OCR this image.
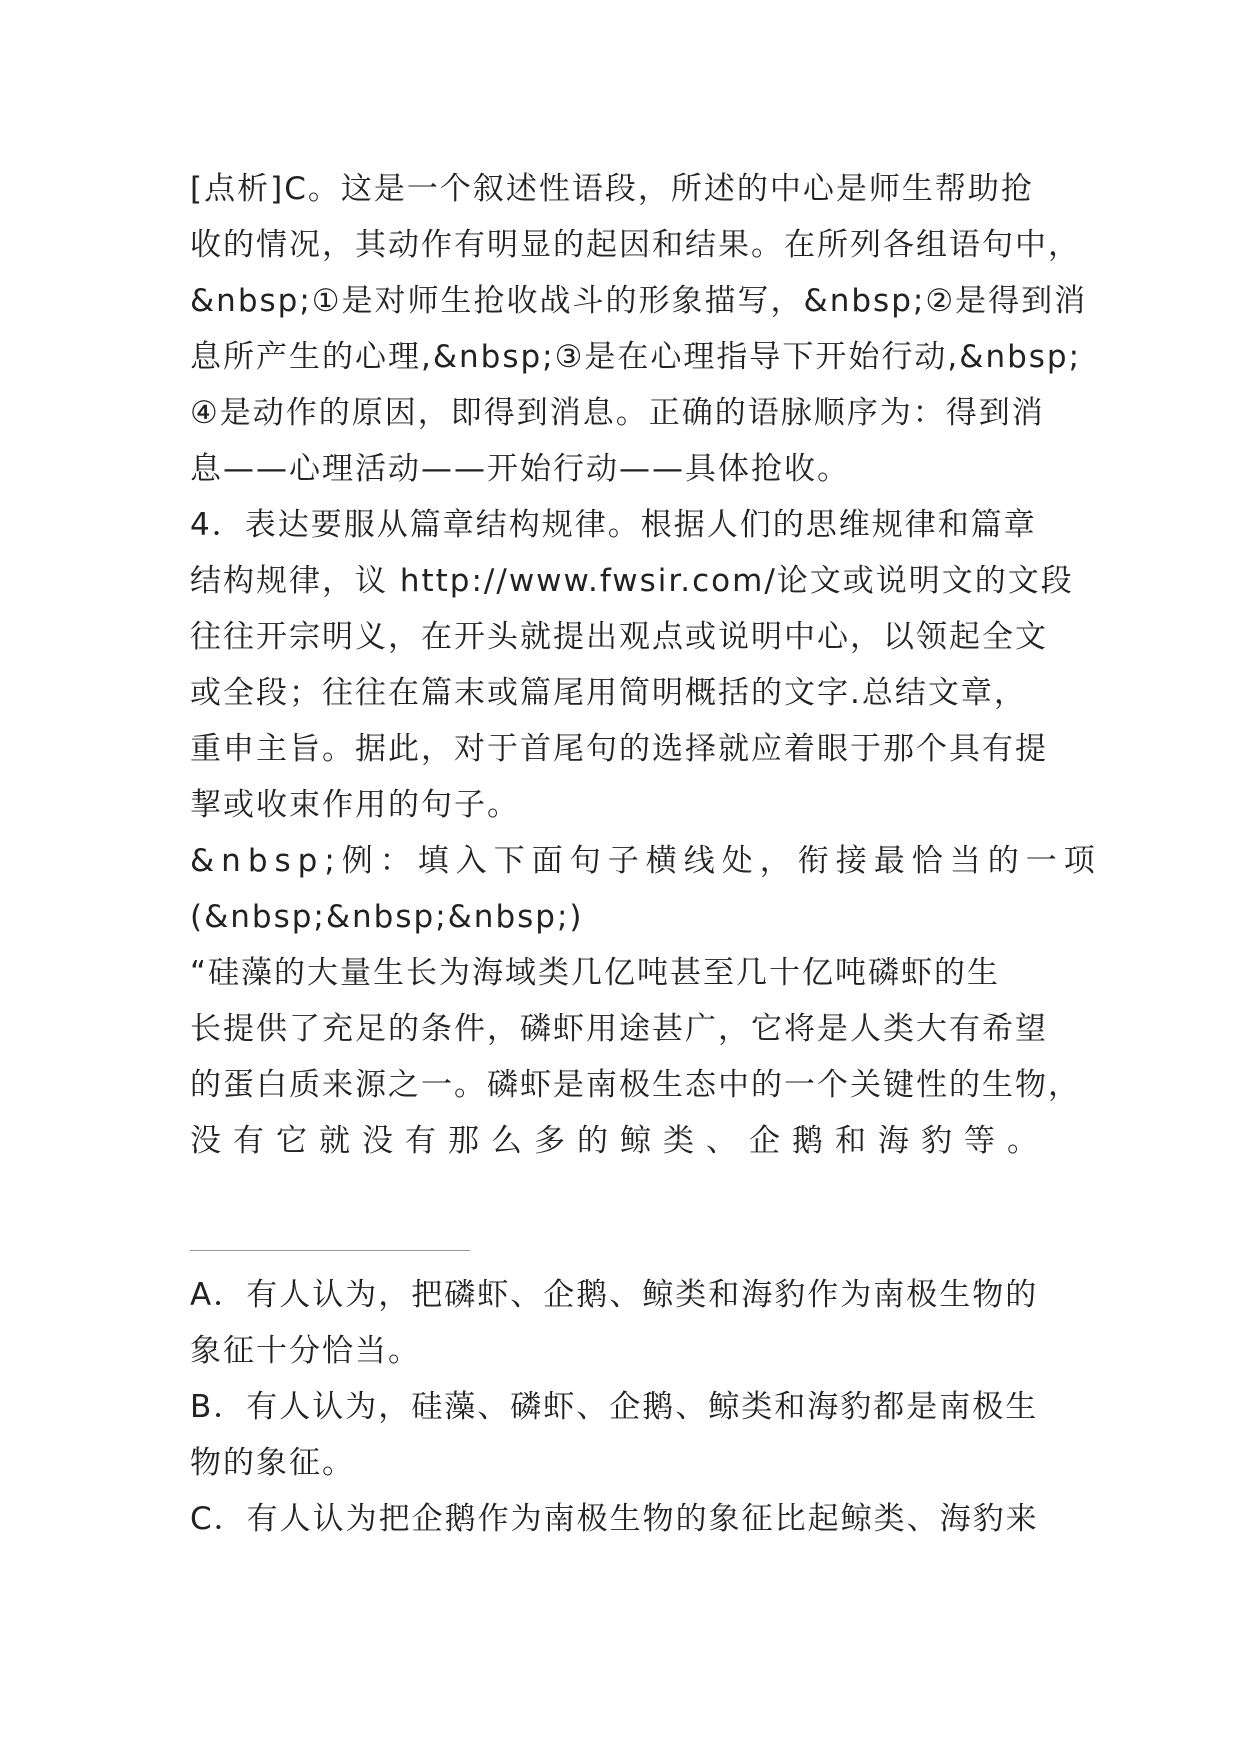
[点析]C。这是一个叙述性语段，所述的中心是师生帮助抢
收的情况，其动作有明显的起因和结果。在所列各组语句中，
&nbsp;①是对师生抢收战斗的形象描写，&nbsp;②是得到消
息所产生的心理,&nbsp;③是在心理指导下开始行动,&nbsp;
④是动作的原因，即得到消息。正确的语脉顺序为：得到消
息——心理活动——开始行动——具体抢收。
4．表达要服从篇章结构规律。根据人们的思维规律和篇章
结构规律，议 http://www.fwsir.com/论文或说明文的文段
往往开宗明义，在开头就提出观点或说明中心，以领起全文
或全段；往往在篇末或篇尾用简明概括的文字.总结文章，
重申主旨。据此，对于首尾句的选择就应着眼于那个具有提
挈或收束作用的句子。
&nbsp;例：填入下面句子横线处，衔接最恰当的一项
(&nbsp;&nbsp;&nbsp;)
“硅藻的大量生长为海域类几亿吨甚至几十亿吨磷虾的生
长提供了充足的条件，磷虾用途甚广，它将是人类大有希望
的蛋白质来源之一。磷虾是南极生态中的一个关键性的生物，
没有它就没有那么多的鲸类、企鹅和海豹等。
A．有人认为，把磷虾、企鹅、鲸类和海豹作为南极生物的
象征十分恰当。
B．有人认为，硅藻、磷虾、企鹅、鲸类和海豹都是南极生
物的象征。
C．有人认为把企鹅作为南极生物的象征比起鲸类、海豹来
